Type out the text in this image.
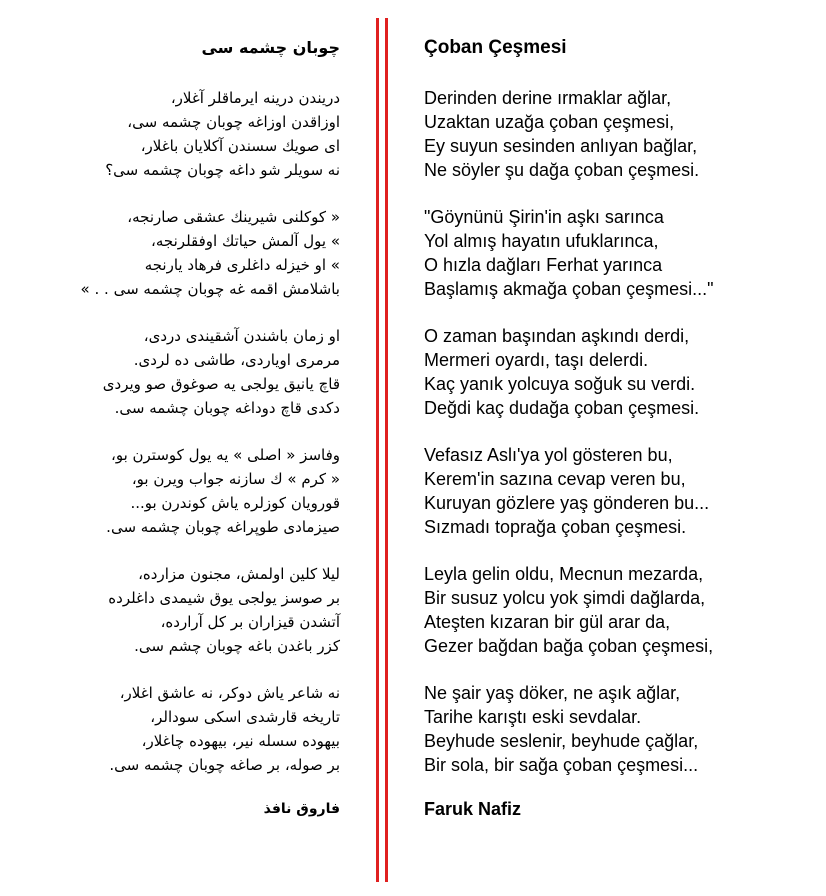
چوبان چشمه سى
دريندن درينه ايرماقلر آغلار،
اوزاقدن اوزاغه چوبان چشمه سى،
اى صويك سسندن آكلايان باغلار،
نه سويلر شو داغه چوبان چشمه سى؟
« كوكلنى شيرينك عشقى صارنجه،
» يول آلمش حياتك اوفقلرنجه،
» او خيزله داغلرى فرهاد يارنجه
باشلامش اقمه غه چوبان چشمه سى . . »
او زمان باشندن آشقيندى دردى،
مرمرى اوياردى، طاشى ده لردى.
قاچ يانيق يولجى يه صوغوق صو ويردى
دكدى قاچ دوداغه چوبان چشمه سى.
وفاسز « اصلى » يه يول كوسترن بو،
« كرم » ك سازنه جواب ويرن بو،
قورويان كوزلره ياش كوندرن بو...
صيزمادى طوپراغه چوبان چشمه سى.
ليلا كلين اولمش، مجنون مزارده،
بر صوسز يولجى يوق شيمدى داغلرده
آتشدن قيزاران بر كل آرارده،
كزر باغدن باغه چوبان چشم سى.
نه شاعر ياش دوكر، نه عاشق اغلار،
تاريخه قارشدى اسكى سودالر،
بيهوده سسله نير، بيهوده چاغلار،
بر صوله، بر صاغه چوبان چشمه سى.
فاروق نافذ
Çoban Çeşmesi
Derinden derine ırmaklar ağlar,
Uzaktan uzağa çoban çeşmesi,
Ey suyun sesinden anlıyan bağlar,
Ne söyler şu dağa çoban çeşmesi.
"Göynünü Şirin'in aşkı sarınca
Yol almış hayatın ufuklarınca,
O hızla dağları Ferhat yarınca
Başlamış akmağa çoban çeşmesi..."
O zaman başından aşkındı derdi,
Mermeri oyardı, taşı delerdi.
Kaç yanık yolcuya soğuk su verdi.
Değdi kaç dudağa çoban çeşmesi.
Vefasız Aslı'ya yol gösteren bu,
Kerem'in sazına cevap veren bu,
Kuruyan gözlere yaş gönderen bu...
Sızmadı toprağa çoban çeşmesi.
Leyla gelin oldu, Mecnun mezarda,
Bir susuz yolcu yok şimdi dağlarda,
Ateşten kızaran bir gül arar da,
Gezer bağdan bağa çoban çeşmesi,
Ne şair yaş döker, ne aşık ağlar,
Tarihe karıştı eski sevdalar.
Beyhude seslenir, beyhude çağlar,
Bir sola, bir sağa çoban çeşmesi...
Faruk Nafiz
